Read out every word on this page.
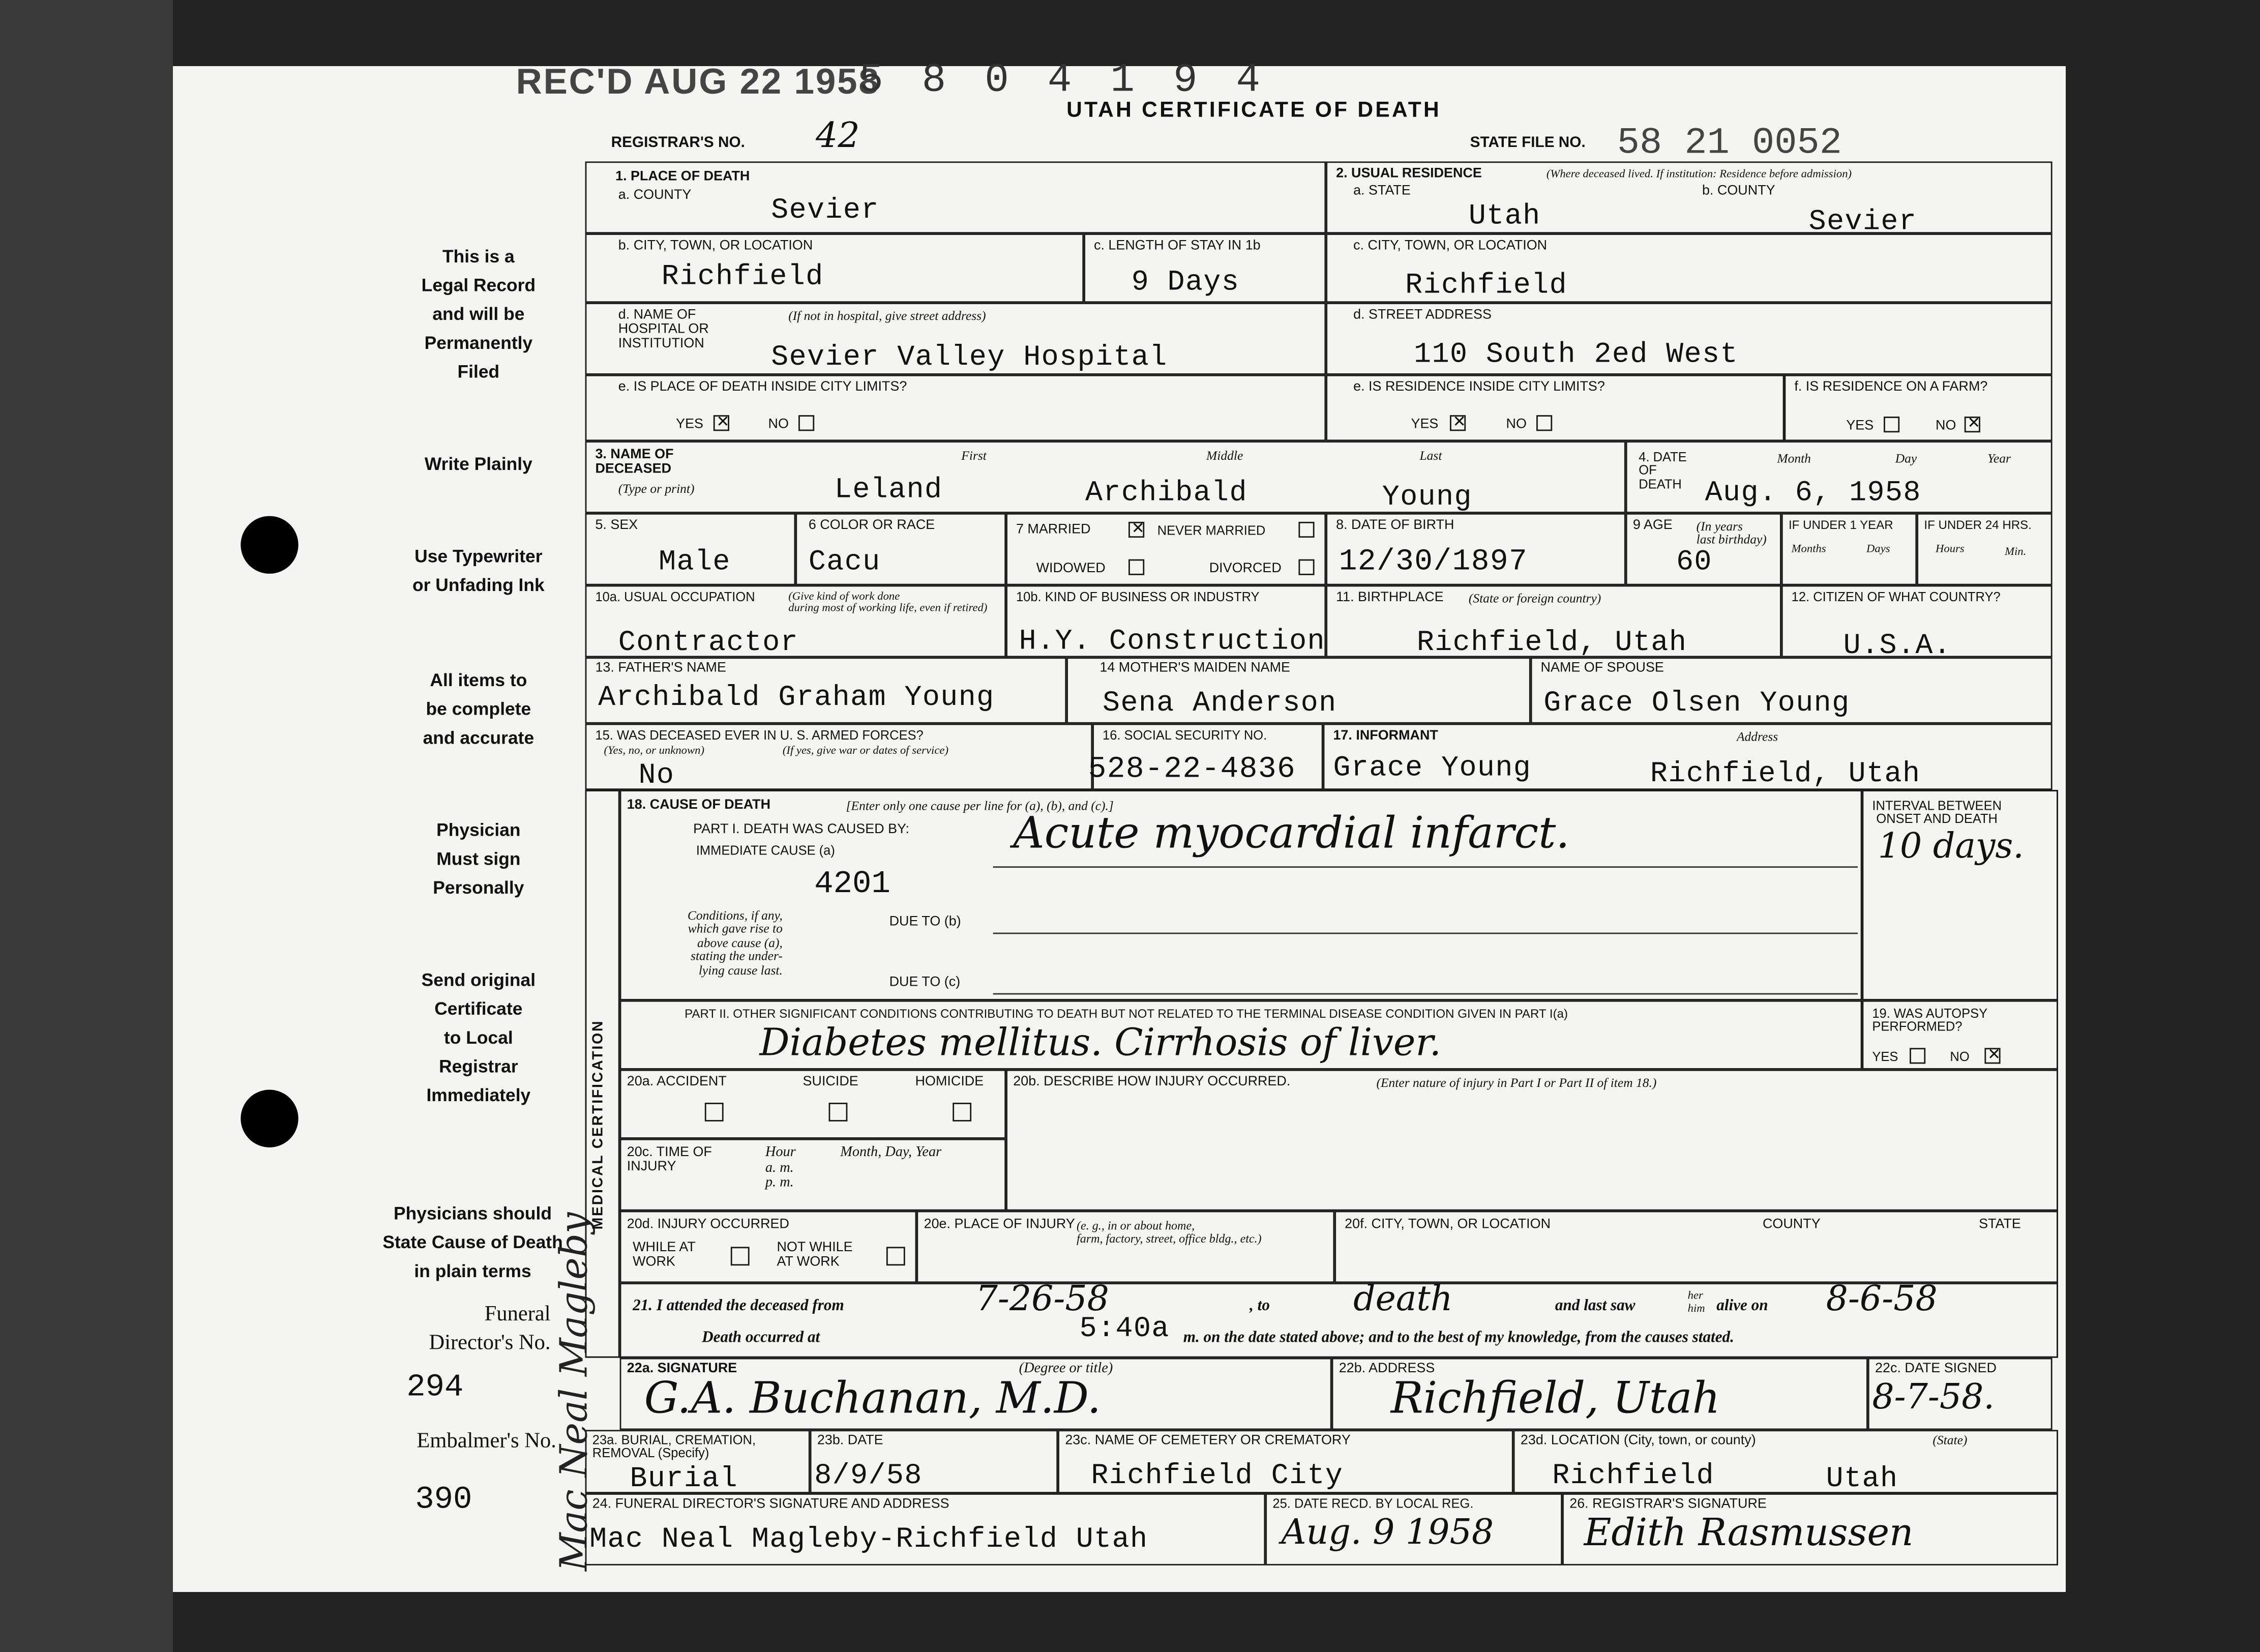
REC'D AUG 22 1958
5 8 0 4 1 9 4
UTAH CERTIFICATE OF DEATH
REGISTRAR'S NO.	42	STATE FILE NO. 58 21 0052
This is a
Legal Record
and will be
Permanently
Filed
Write Plainly
Use Typewriter
or Unfading Ink
All items to
be complete
and accurate
Physician
Must sign
Personally
Send original
Certificate
to Local
Registrar
Immediately
Physicians should
State Cause of Death
in plain terms
Funeral
Director's No.
294
Embalmer's No.
390	Mac Neal Magleby
1. PLACE OF DEATH
a. COUNTY	Sevier
2. USUAL RESIDENCE	(Where deceased lived. If institution: Residence before admission)
a. STATE	b. COUNTY
Utah	Sevier
b. CITY, TOWN, OR LOCATION
Richfield
c. LENGTH OF STAY IN 1b
9 Days
c. CITY, TOWN, OR LOCATION
Richfield
d. NAME OF
HOSPITAL OR
INSTITUTION
(If not in hospital, give street address)
Sevier Valley Hospital
d. STREET ADDRESS
110 South 2ed West
e. IS PLACE OF DEATH INSIDE CITY LIMITS?
YES ✕	NO
e. IS RESIDENCE INSIDE CITY LIMITS?
YES	✕	NO
f. IS RESIDENCE ON A FARM?
YES	NO ✕
3. NAME OF
DECEASED
(Type or print)
First	Middle	Last
Leland	Archibald	Young
4. DATE
OF
DEATH
Month	Day	Year
Aug. 6, 1958
5. SEX
Male
6 COLOR OR RACE
Cacu
7 MARRIED	✕	NEVER MARRIED
WIDOWED	DIVORCED
8. DATE OF BIRTH
12/30/1897
9 AGE	(In years
last birthday)
60
IF UNDER 1 YEAR
Months	Days
IF UNDER 24 HRS.
Hours	Min.
10a. USUAL OCCUPATION	(Give kind of work done
during most of working life, even if retired)
Contractor
10b. KIND OF BUSINESS OR INDUSTRY
H.Y. Construction
11. BIRTHPLACE	(State or foreign country)
Richfield, Utah
12. CITIZEN OF WHAT COUNTRY?
U.S.A.
13. FATHER'S NAME
Archibald Graham Young
14 MOTHER'S MAIDEN NAME
Sena Anderson
NAME OF SPOUSE
Grace Olsen Young
15. WAS DECEASED EVER IN U. S. ARMED FORCES?
(Yes, no, or unknown)	(If yes, give war or dates of service)
No
16. SOCIAL SECURITY NO.
528-22-4836
17. INFORMANT	Address
Grace Young	Richfield, Utah
MEDICAL CERTIFICATION
18. CAUSE OF DEATH	[Enter only one cause per line for (a), (b), and (c).]
PART I. DEATH WAS CAUSED BY:
IMMEDIATE CAUSE (a)	Acute myocardial infarct.
4201
Conditions, if any,
which gave rise to
above cause (a),
stating the under-
lying cause last.
DUE TO (b)
DUE TO (c)
INTERVAL BETWEEN
ONSET AND DEATH
10 days.
PART II. OTHER SIGNIFICANT CONDITIONS CONTRIBUTING TO DEATH BUT NOT RELATED TO THE TERMINAL DISEASE CONDITION GIVEN IN PART I(a)
Diabetes mellitus. Cirrhosis of liver.
19. WAS AUTOPSY
PERFORMED?
YES	NO	✕
20a. ACCIDENT	SUICIDE	HOMICIDE	20b. DESCRIBE HOW INJURY OCCURRED.	(Enter nature of injury in Part I or Part II of item 18.)
20c. TIME OF
INJURY
Hour
a. m.
p. m.
Month, Day, Year
20d. INJURY OCCURRED
WHILE AT
WORK
NOT WHILE
AT WORK
20e. PLACE OF INJURY (e. g., in or about home,
farm, factory, street, office bldg., etc.)
20f. CITY, TOWN, OR LOCATION	COUNTY	STATE
21. I attended the deceased from	7-26-58	, to	death	and last saw
her
him alive on	8-6-58
Death occurred at	5:40a m. on the date stated above; and to the best of my knowledge, from the causes stated.
22a. SIGNATURE	(Degree or title)
G.A. Buchanan, M.D.
22b. ADDRESS
Richfield, Utah
22c. DATE SIGNED
8-7-58.
23a. BURIAL, CREMATION,
REMOVAL (Specify)
Burial
23b. DATE
8/9/58
23c. NAME OF CEMETERY OR CREMATORY
Richfield City
23d. LOCATION (City, town, or county)	(State)
Richfield	Utah
24. FUNERAL DIRECTOR'S SIGNATURE AND ADDRESS
Mac Neal Magleby-Richfield Utah
25. DATE RECD. BY LOCAL REG.
Aug. 9 1958
26. REGISTRAR'S SIGNATURE
Edith Rasmussen
